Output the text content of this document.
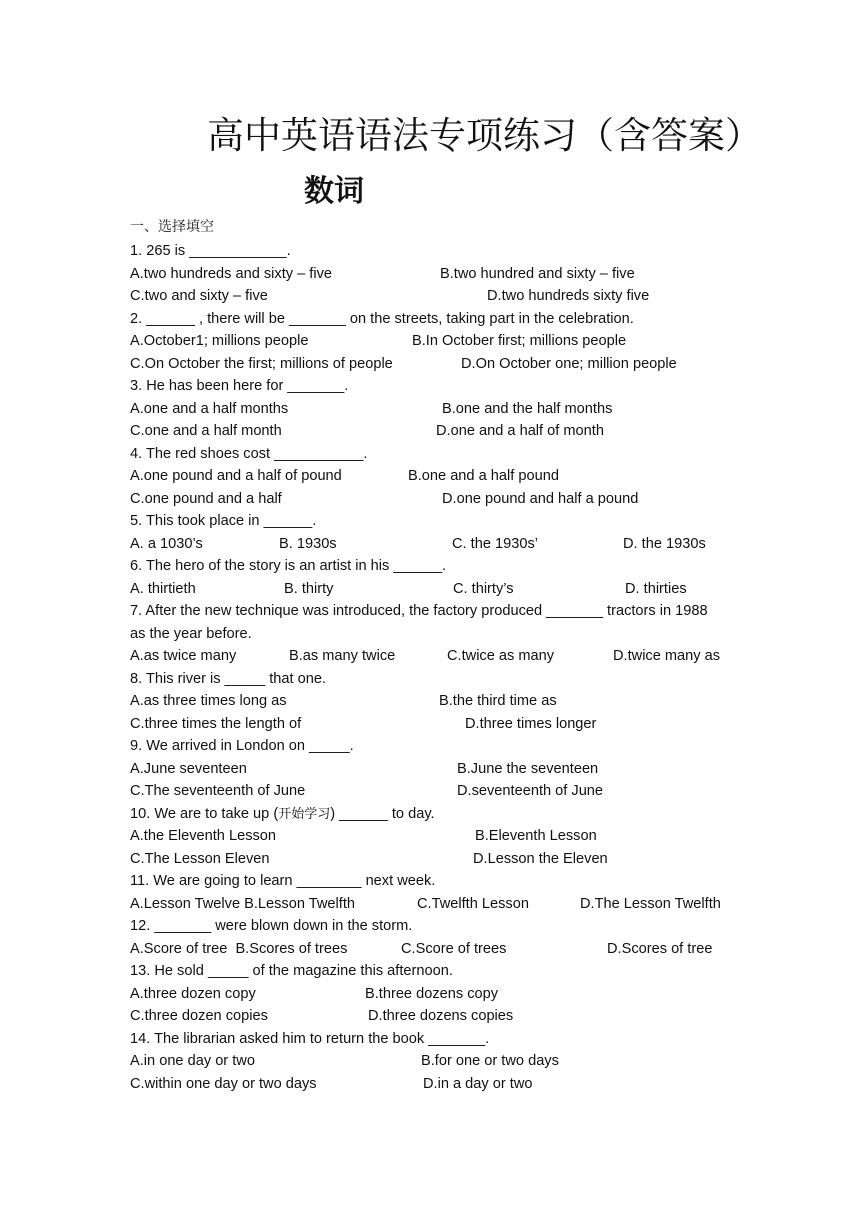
高中英语语法专项练习（含答案）
数词
一、选择填空
1. 265 is ____________.
A.two hundreds and sixty – five	B.two hundred and sixty – five
C.two and sixty – five	D.two hundreds sixty five
2. ______ , there will be _______ on the streets, taking part in the celebration.
A.October1; millions people	B.In October first; millions people
C.On October the first; millions of people	D.On October one; million people
3. He has been here for _______.
A.one and a half months	B.one and the half months
C.one and a half month	D.one and a half of month
4. The red shoes cost ___________.
A.one pound and a half of pound	B.one and a half pound
C.one pound and a half	D.one pound and half a pound
5. This took place in ______.
A. a 1030’s	B. 1930s	C. the 1930s’	D. the 1930s
6. The hero of the story is an artist in his ______.
A. thirtieth	B. thirty	C. thirty’s	D. thirties
7. After the new technique was introduced, the factory produced _______ tractors in 1988
as the year before.
A.as twice many	B.as many twice	C.twice as many	D.twice many as
8. This river is _____ that one.
A.as three times long as	B.the third time as
C.three times the length of	D.three times longer
9. We arrived in London on _____.
A.June seventeen	B.June the seventeen
C.The seventeenth of June	D.seventeenth of June
10. We are to take up (开始学习) ______ to day.
A.the Eleventh Lesson	B.Eleventh Lesson
C.The Lesson Eleven	D.Lesson the Eleven
11. We are going to learn ________ next week.
A.Lesson Twelve B.Lesson Twelfth	C.Twelfth Lesson	D.The Lesson Twelfth
12. _______ were blown down in the storm.
A.Score of tree  B.Scores of trees	C.Score of trees	D.Scores of tree
13. He sold _____ of the magazine this afternoon.
A.three dozen copy	B.three dozens copy
C.three dozen copies	D.three dozens copies
14. The librarian asked him to return the book _______.
A.in one day or two	B.for one or two days
C.within one day or two days	D.in a day or two
